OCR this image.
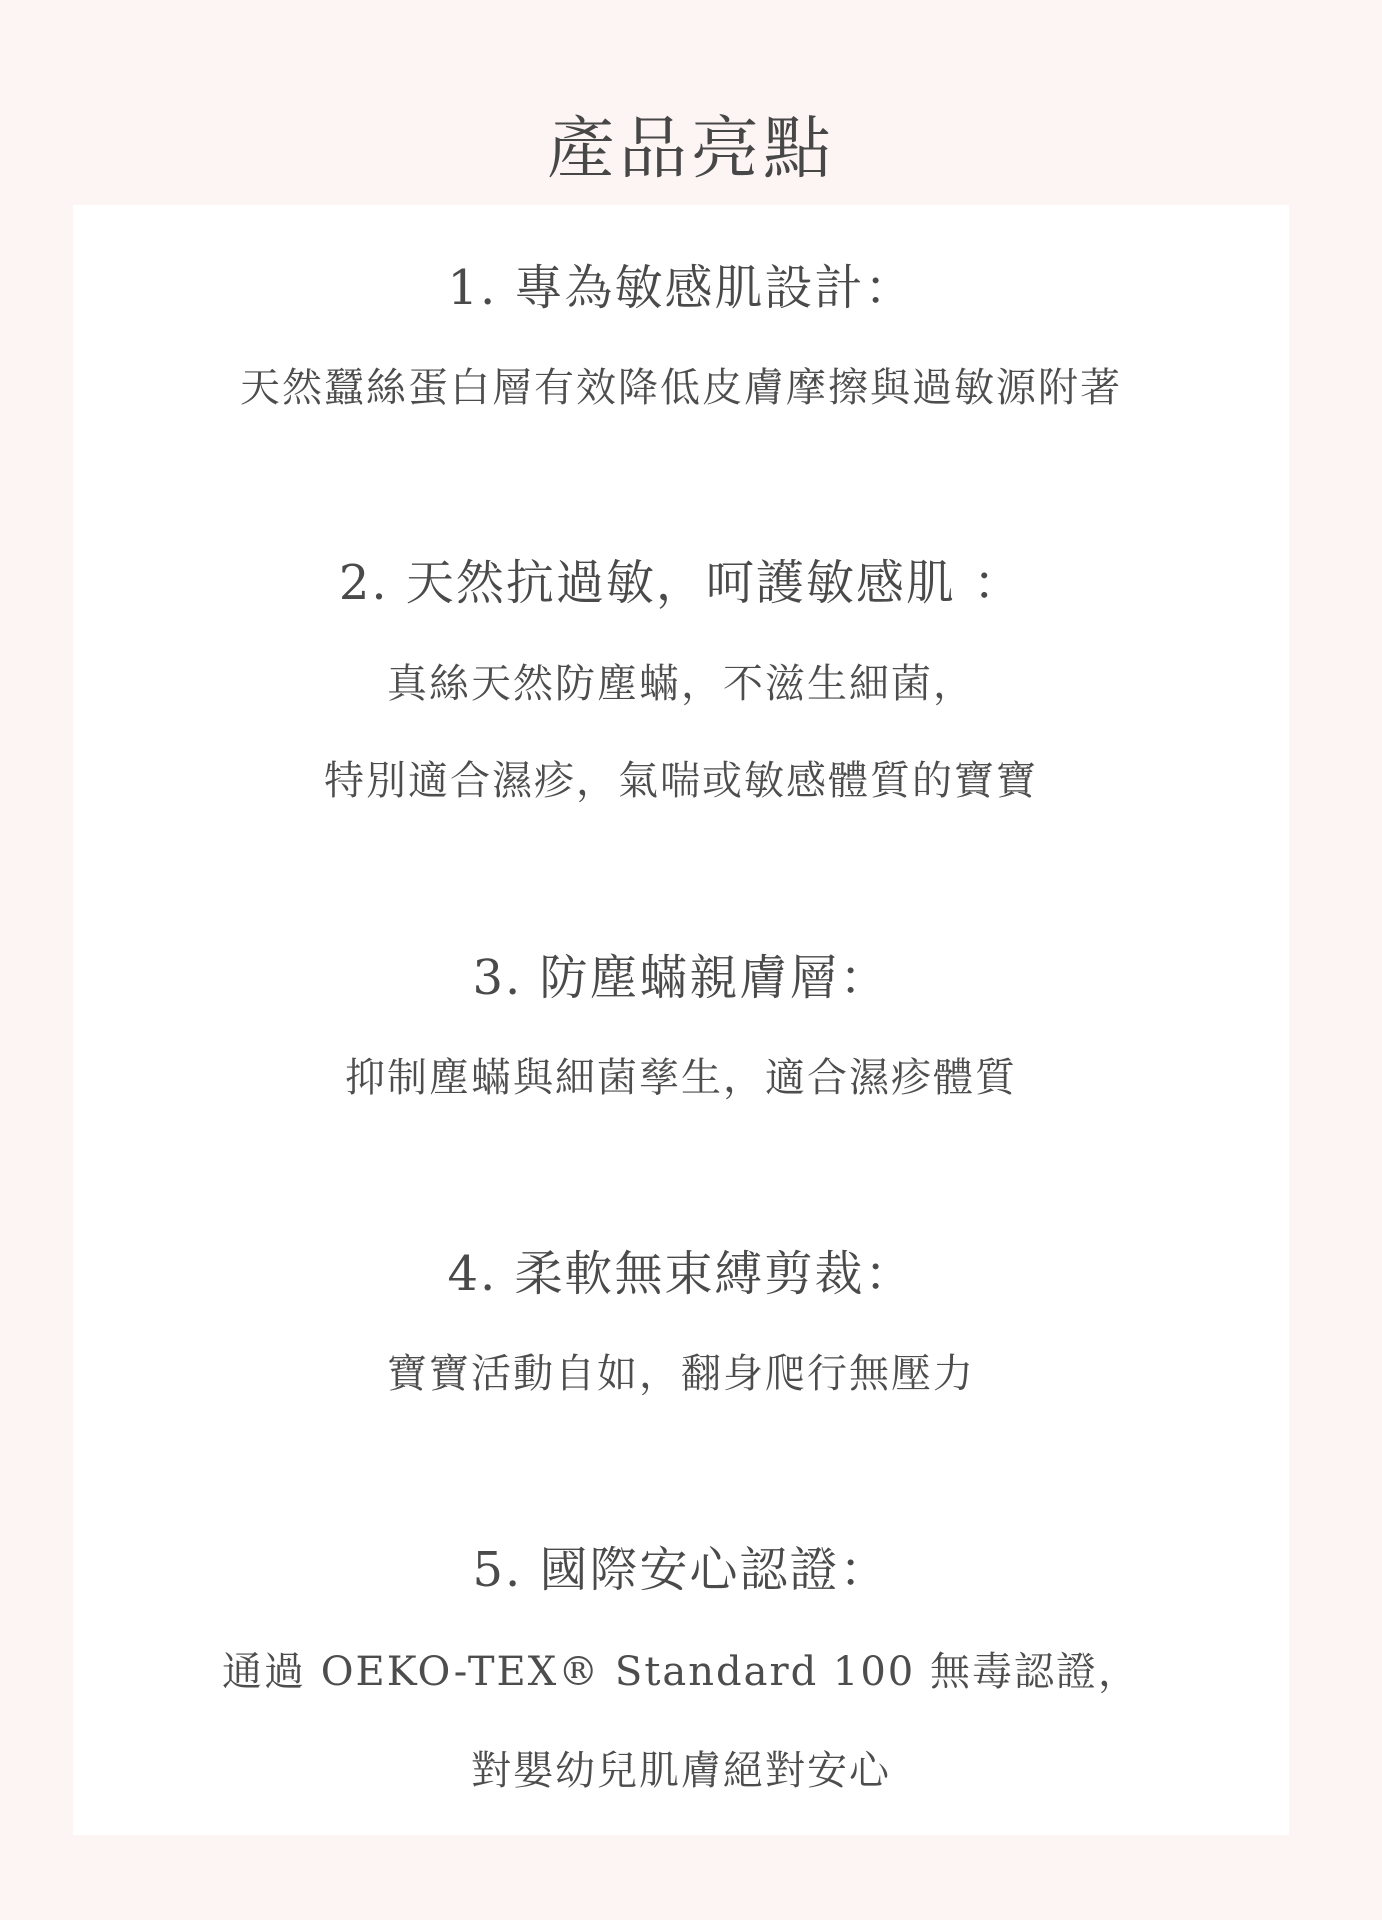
產品亮點
1. 專為敏感肌設計：

天然蠶絲蛋白層有效降低皮膚摩擦與過敏源附著

2. 天然抗過敏，呵護敏感肌 ：

真絲天然防塵蟎，不滋生細菌，

特別適合濕疹，氣喘或敏感體質的寶寶

3. 防塵蟎親膚層：

抑制塵蟎與細菌孳生，適合濕疹體質

4. 柔軟無束縛剪裁：

寶寶活動自如，翻身爬行無壓力

5. 國際安心認證：

通過 OEKO-TEX® Standard 100 無毒認證，

對嬰幼兒肌膚絕對安心
